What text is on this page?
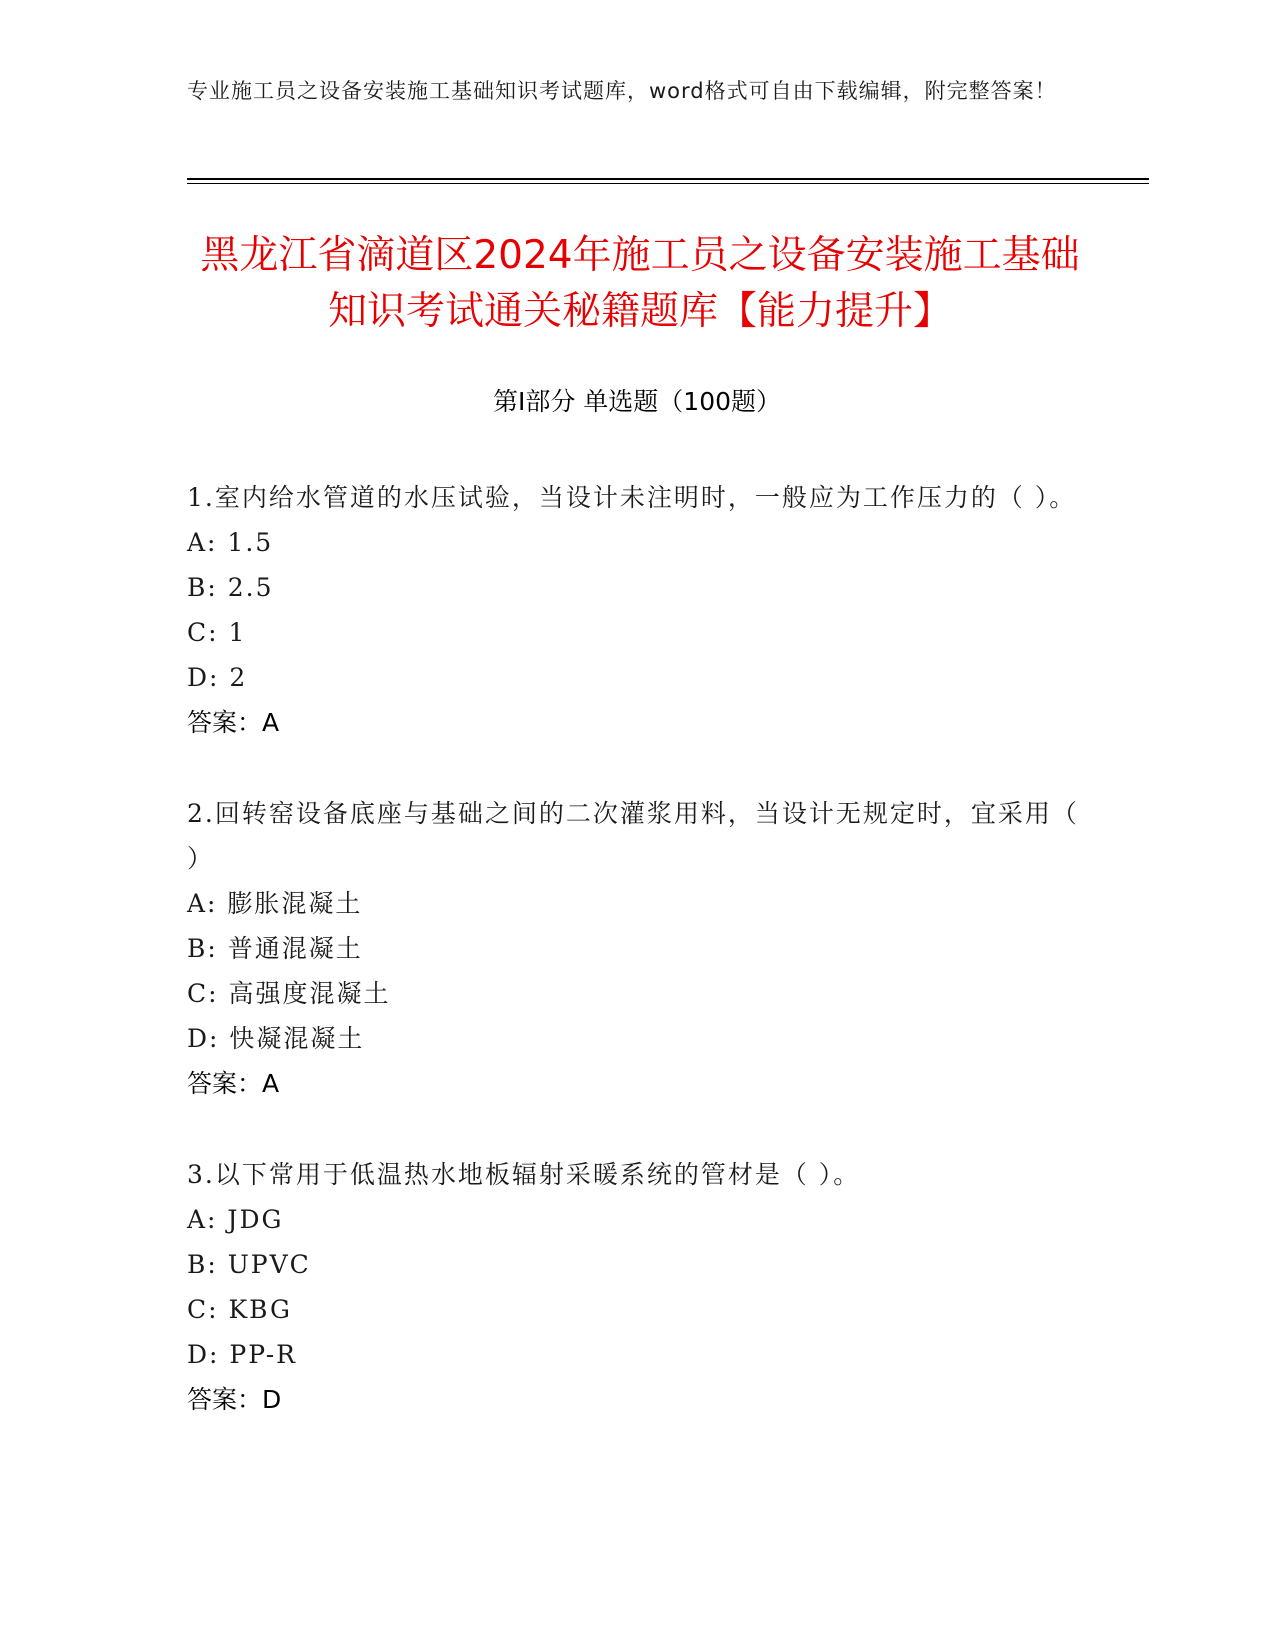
专业施工员之设备安装施工基础知识考试题库，word格式可自由下载编辑，附完整答案！
黑龙江省滴道区2024年施工员之设备安装施工基础知识考试通关秘籍题库【能力提升】
第I部分 单选题（100题）
1.室内给水管道的水压试验，当设计未注明时，一般应为工作压力的（ ）。
A: 1.5
B: 2.5
C: 1
D: 2
答案：A
2.回转窑设备底座与基础之间的二次灌浆用料，当设计无规定时，宜采用（ ）
A: 膨胀混凝土
B: 普通混凝土
C: 高强度混凝土
D: 快凝混凝土
答案：A
3.以下常用于低温热水地板辐射采暖系统的管材是（ ）。
A: JDG
B: UPVC
C: KBG
D: PP-R
答案：D
